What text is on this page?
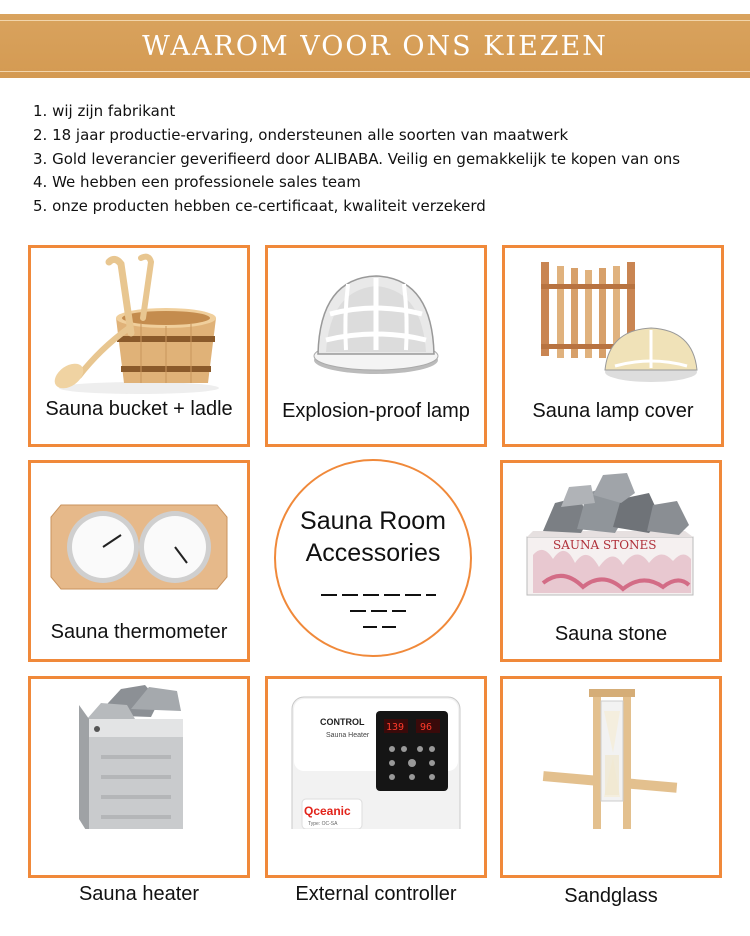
WAAROM VOOR ONS KIEZEN
1. wij zijn fabrikant
2. 18 jaar productie-ervaring, ondersteunen alle soorten van maatwerk
3. Gold leverancier geverifieerd door ALIBABA. Veilig en gemakkelijk te kopen van ons
4. We hebben een professionele sales team
5. onze producten hebben ce-certificaat, kwaliteit verzekerd
Sauna bucket + ladle	Explosion-proof lamp	Sauna lamp cover
Sauna thermometer
Sauna Room
Accessories	SAUNA STONES
Sauna stone
Sauna heater
CONTROL
Sauna Heater
139 96
Qceanic
Type: OC-SA
External controller	Sandglass
